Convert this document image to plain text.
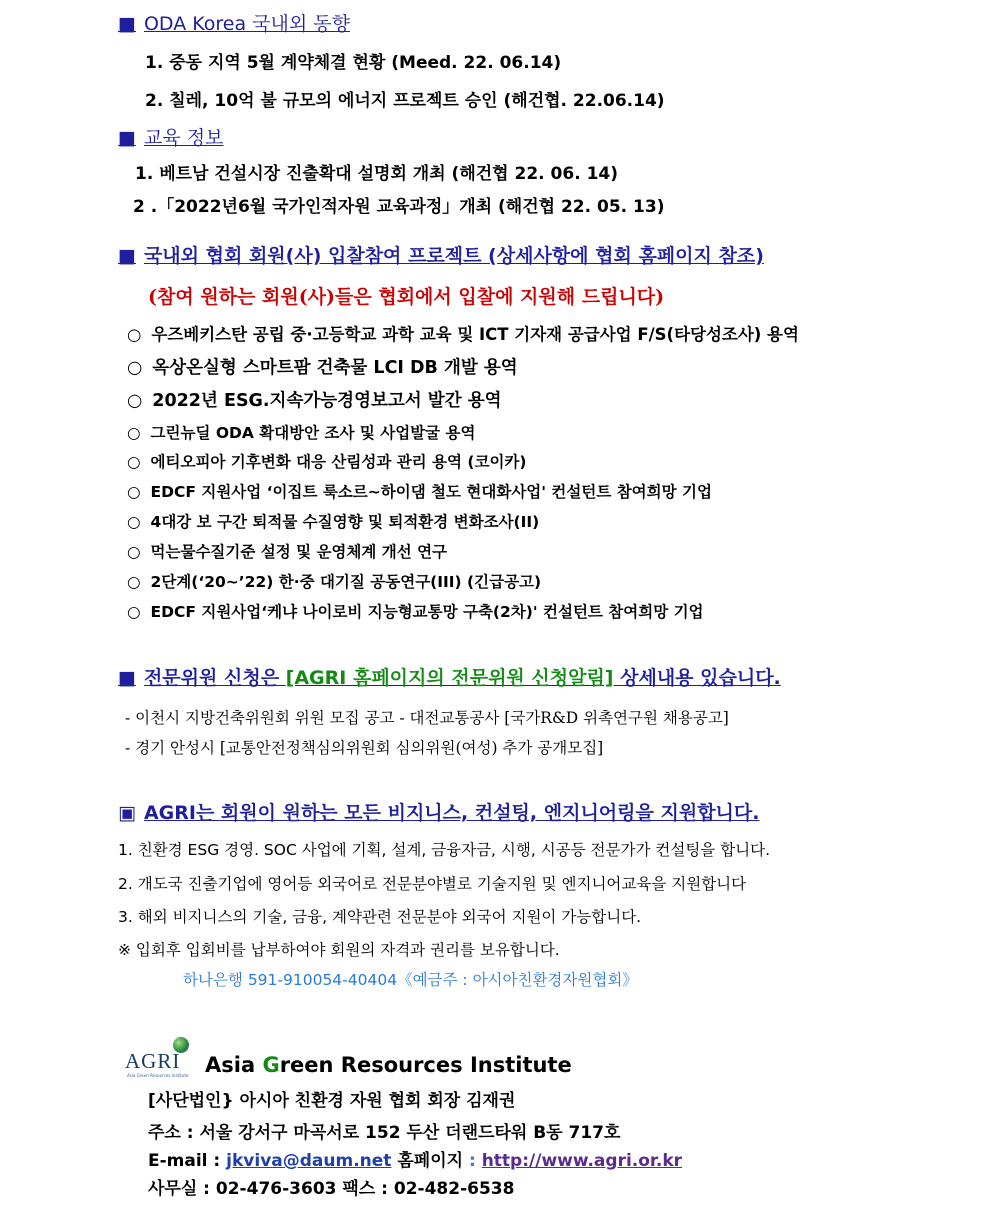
■ ODA Korea 국내외 동향
1. 중동 지역 5월 계약체결 현황 (Meed. 22. 06.14)
2. 칠레, 10억 불 규모의 에너지 프로젝트 승인 (해건협. 22.06.14)
■ 교육 정보
1. 베트남 건설시장 진출확대 설명회 개최 (해건협 22. 06. 14)
2 .「2022년6월 국가인적자원 교육과정」개최 (해건협 22. 05. 13)
■ 국내외 협회 회원(사) 입찰참여 프로젝트 (상세사항에 협회 홈페이지 참조)
(참여 원하는 회원(사)들은 협회에서 입찰에 지원해 드립니다)
○ 우즈베키스탄 공립 중·고등학교 과학 교육 및 ICT 기자재 공급사업 F/S(타당성조사) 용역
○ 옥상온실형 스마트팜 건축물 LCI DB 개발 용역
○ 2022년 ESG.지속가능경영보고서 발간 용역
○ 그린뉴딜 ODA 확대방안 조사 및 사업발굴 용역
○ 에티오피아 기후변화 대응 산림성과 관리 용역 (코이카)
○ EDCF 지원사업 ‘이집트 룩소르~하이댐 철도 현대화사업' 컨설턴트 참여희망 기업
○ 4대강 보 구간 퇴적물 수질영향 및 퇴적환경 변화조사(II)
○ 먹는물수질기준 설정 및 운영체계 개선 연구
○ 2단계(‘20~’22) 한·중 대기질 공동연구(III) (긴급공고)
○ EDCF 지원사업‘케냐 나이로비 지능형교통망 구축(2차)' 컨설턴트 참여희망 기업
■ 전문위원 신청은 [AGRI 홈페이지의 전문위원 신청알림] 상세내용 있습니다.
- 이천시 지방건축위원회 위원 모집 공고 - 대전교통공사 [국가R&D 위촉연구원 채용공고]
- 경기 안성시 [교통안전정책심의위원회 심의위원(여성) 추가 공개모집]
▣ AGRI는 회원이 원하는 모든 비지니스, 컨설팅, 엔지니어링을 지원합니다.
1. 친환경 ESG 경영. SOC 사업에 기획, 설계, 금융자금, 시행, 시공등 전문가가 컨설팅을 합니다.
2. 개도국 진출기업에 영어등 외국어로 전문분야별로 기술지원 및 엔지니어교육을 지원합니다
3. 해외 비지니스의 기술, 금융, 계약관련 전문분야 외국어 지원이 가능합니다.
※ 입회후 입회비를 납부하여야 회원의 자격과 권리를 보유합니다.
하나은행 591-910054-40404《예금주 : 아시아친환경자원협회》
AGRI
Asia Green Resources Institute Asia Green Resources Institute
[사단법인} 아시아 친환경 자원 협회 회장 김재권
주소 : 서울 강서구 마곡서로 152 두산 더랜드타워 B동 717호
E-mail : jkviva@daum.net 홈페이지 : http://www.agri.or.kr
사무실 : 02-476-3603 팩스 : 02-482-6538
